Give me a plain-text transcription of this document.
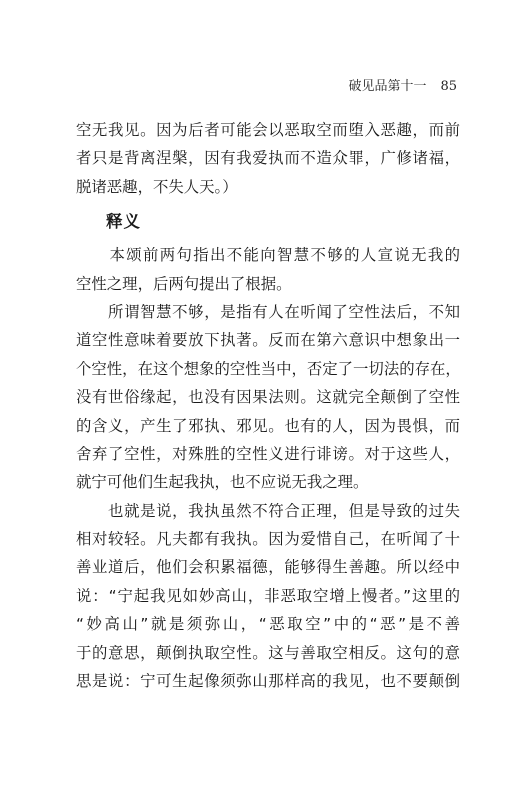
破见品第十一 85
空无我见。因为后者可能会以恶取空而堕入恶趣，而前
者只是背离涅槃，因有我爱执而不造众罪，广修诸福，
脱诸恶趣，不失人天。）
释义
　　本颂前两句指出不能向智慧不够的人宣说无我的
空性之理，后两句提出了根据。
　　所谓智慧不够，是指有人在听闻了空性法后，不知
道空性意味着要放下执著。反而在第六意识中想象出一
个空性，在这个想象的空性当中，否定了一切法的存在，
没有世俗缘起，也没有因果法则。这就完全颠倒了空性
的含义，产生了邪执、邪见。也有的人，因为畏惧，而
舍弃了空性，对殊胜的空性义进行诽谤。对于这些人，
就宁可他们生起我执，也不应说无我之理。
　　也就是说，我执虽然不符合正理，但是导致的过失
相对较轻。凡夫都有我执。因为爱惜自己，在听闻了十
善业道后，他们会积累福德，能够得生善趣。所以经中
说：“宁起我见如妙高山，非恶取空增上慢者。”这里的
“妙高山”就是须弥山，“恶取空”中的“恶”是不善
于的意思，颠倒执取空性。这与善取空相反。这句的意
思是说：宁可生起像须弥山那样高的我见，也不要颠倒
